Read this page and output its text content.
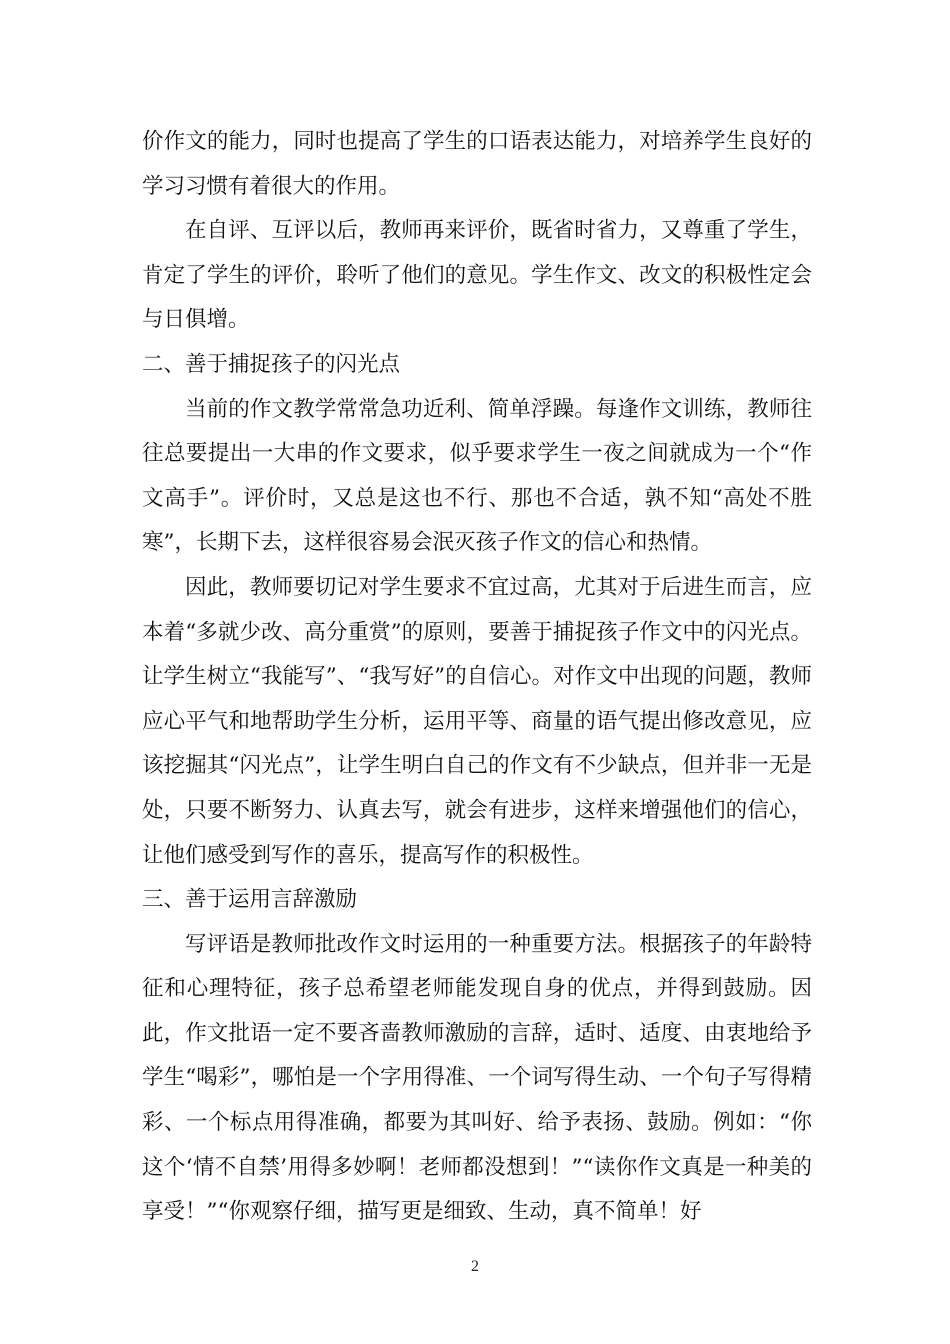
价作文的能力，同时也提高了学生的口语表达能力，对培养学生良好的学习习惯有着很大的作用。

在自评、互评以后，教师再来评价，既省时省力，又尊重了学生，肯定了学生的评价，聆听了他们的意见。学生作文、改文的积极性定会与日俱增。

二、善于捕捉孩子的闪光点

当前的作文教学常常急功近利、简单浮躁。每逢作文训练，教师往往总要提出一大串的作文要求，似乎要求学生一夜之间就成为一个“作文高手”。评价时，又总是这也不行、那也不合适，孰不知“高处不胜寒”，长期下去，这样很容易会泯灭孩子作文的信心和热情。

因此，教师要切记对学生要求不宜过高，尤其对于后进生而言，应本着“多就少改、高分重赏”的原则，要善于捕捉孩子作文中的闪光点。让学生树立“我能写”、“我写好”的自信心。对作文中出现的问题，教师应心平气和地帮助学生分析，运用平等、商量的语气提出修改意见，应该挖掘其“闪光点”，让学生明白自己的作文有不少缺点，但并非一无是处，只要不断努力、认真去写，就会有进步，这样来增强他们的信心，让他们感受到写作的喜乐，提高写作的积极性。

三、善于运用言辞激励

写评语是教师批改作文时运用的一种重要方法。根据孩子的年龄特征和心理特征，孩子总希望老师能发现自身的优点，并得到鼓励。因此，作文批语一定不要吝啬教师激励的言辞，适时、适度、由衷地给予学生“喝彩”，哪怕是一个字用得准、一个词写得生动、一个句子写得精彩、一个标点用得准确，都要为其叫好、给予表扬、鼓励。例如：“你这个‘情不自禁’用得多妙啊！老师都没想到！”“读你作文真是一种美的享受！”“你观察仔细，描写更是细致、生动，真不简单！好

2
